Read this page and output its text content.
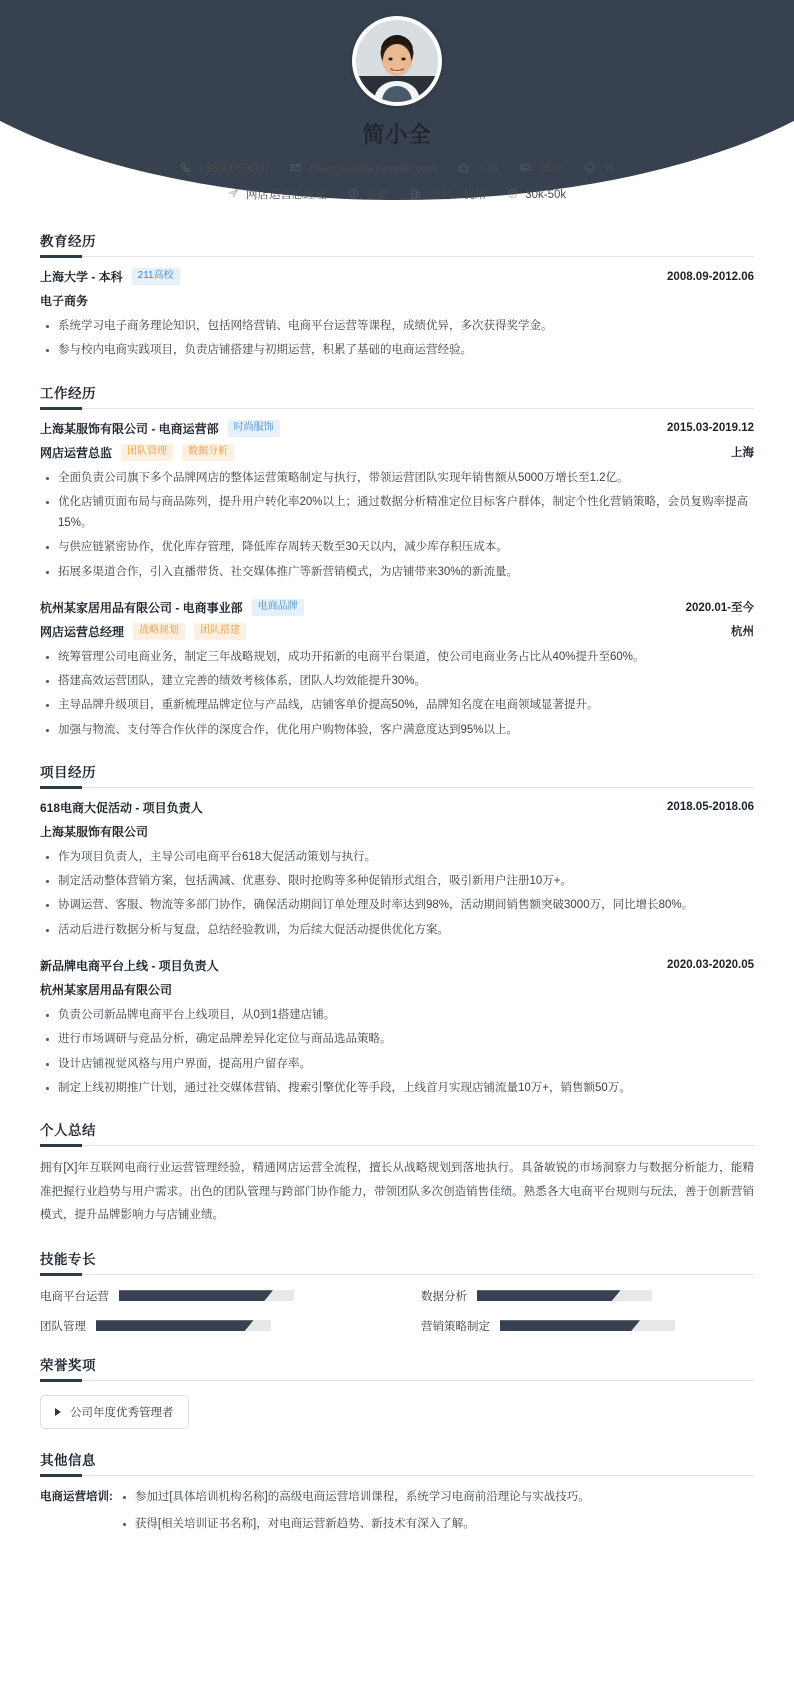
简小全
13800000000	zhangwei@example.com	上海	35岁	男
网店运营总经理	在职	上海、杭州	30k-50k
教育经历
上海大学 - 本科	211高校	2008.09-2012.06
电子商务
系统学习电子商务理论知识，包括网络营销、电商平台运营等课程，成绩优异，多次获得奖学金。
参与校内电商实践项目，负责店铺搭建与初期运营，积累了基础的电商运营经验。
工作经历
上海某服饰有限公司 - 电商运营部	时尚服饰	2015.03-2019.12
网店运营总监	团队管理	数据分析	上海
全面负责公司旗下多个品牌网店的整体运营策略制定与执行，带领运营团队实现年销售额从5000万增长至1.2亿。
优化店铺页面布局与商品陈列，提升用户转化率20%以上；通过数据分析精准定位目标客户群体，制定个性化营销策略，会员复购率提高15%。
与供应链紧密协作，优化库存管理，降低库存周转天数至30天以内，减少库存积压成本。
拓展多渠道合作，引入直播带货、社交媒体推广等新营销模式，为店铺带来30%的新流量。
杭州某家居用品有限公司 - 电商事业部	电商品牌	2020.01-至今
网店运营总经理	战略规划	团队搭建	杭州
统筹管理公司电商业务，制定三年战略规划，成功开拓新的电商平台渠道，使公司电商业务占比从40%提升至60%。
搭建高效运营团队，建立完善的绩效考核体系，团队人均效能提升30%。
主导品牌升级项目，重新梳理品牌定位与产品线，店铺客单价提高50%，品牌知名度在电商领域显著提升。
加强与物流、支付等合作伙伴的深度合作，优化用户购物体验，客户满意度达到95%以上。
项目经历
618电商大促活动 - 项目负责人	2018.05-2018.06
上海某服饰有限公司
作为项目负责人，主导公司电商平台618大促活动策划与执行。
制定活动整体营销方案，包括满减、优惠券、限时抢购等多种促销形式组合，吸引新用户注册10万+。
协调运营、客服、物流等多部门协作，确保活动期间订单处理及时率达到98%，活动期间销售额突破3000万，同比增长80%。
活动后进行数据分析与复盘，总结经验教训，为后续大促活动提供优化方案。
新品牌电商平台上线 - 项目负责人	2020.03-2020.05
杭州某家居用品有限公司
负责公司新品牌电商平台上线项目，从0到1搭建店铺。
进行市场调研与竞品分析，确定品牌差异化定位与商品选品策略。
设计店铺视觉风格与用户界面，提高用户留存率。
制定上线初期推广计划，通过社交媒体营销、搜索引擎优化等手段，上线首月实现店铺流量10万+，销售额50万。
个人总结
拥有[X]年互联网电商行业运营管理经验，精通网店运营全流程，擅长从战略规划到落地执行。具备敏锐的市场洞察力与数据分析能力，能精准把握行业趋势与用户需求。出色的团队管理与跨部门协作能力，带领团队多次创造销售佳绩。熟悉各大电商平台规则与玩法，善于创新营销模式，提升品牌影响力与店铺业绩。
技能专长
电商平台运营	数据分析
团队管理	营销策略制定
荣誉奖项
公司年度优秀管理者
其他信息
电商运营培训:	参加过[具体培训机构名称]的高级电商运营培训课程，系统学习电商前沿理论与实战技巧。
获得[相关培训证书名称]，对电商运营新趋势、新技术有深入了解。
